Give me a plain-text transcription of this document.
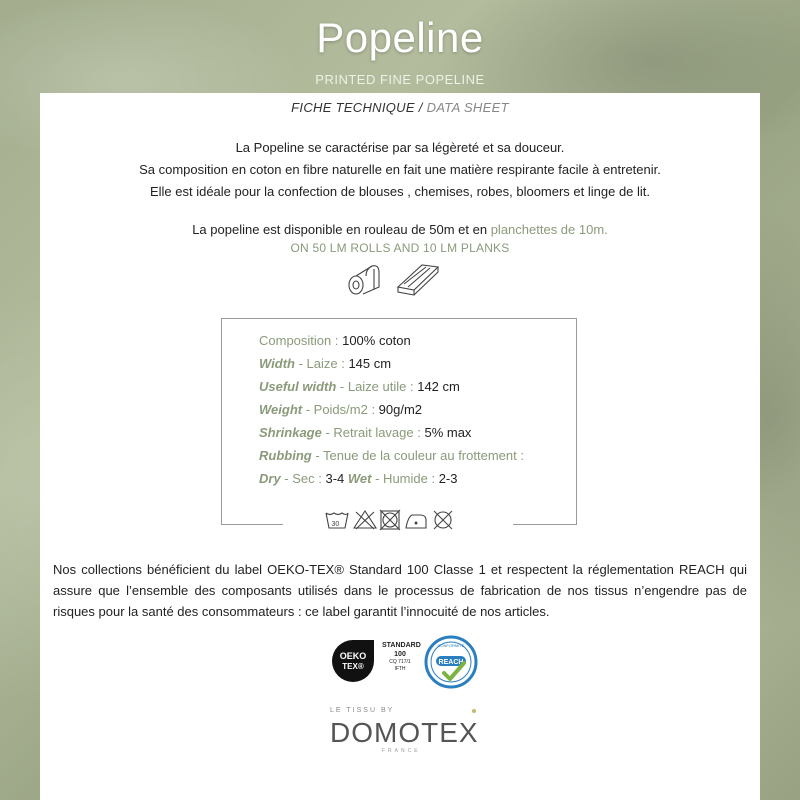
Popeline
PRINTED FINE POPELINE
FICHE TECHNIQUE / DATA SHEET
La Popeline se caractérise par sa légèreté et sa douceur.
Sa composition en coton en fibre naturelle en fait une matière respirante facile à entretenir.
Elle est idéale pour la confection de blouses , chemises, robes, bloomers et linge de lit.
La popeline est disponible en rouleau de 50m et en planchettes de 10m.
ON 50 LM ROLLS AND 10 LM PLANKS
Composition : 100% coton
Width - Laize : 145 cm
Useful width - Laize utile : 142 cm
Weight - Poids/m2 : 90g/m2
Shrinkage - Retrait lavage : 5% max
Rubbing - Tenue de la couleur au frottement :
Dry - Sec : 3-4 Wet - Humide : 2-3
30
Nos collections bénéficient du label OEKO-TEX® Standard 100 Classe 1 et respectent la réglementation REACH qui assure que l’ensemble des composants utilisés dans le processus de fabrication de nos tissus n’engendre pas de risques pour la santé des consommateurs : ce label garantit l’innocuité de nos articles.
OEKO
TEX®
STANDARD
100
CQ 717/1
IFTH
CONFORMITÉ
REACH
LE TISSU BY
DOMOTEX
FRANCE
